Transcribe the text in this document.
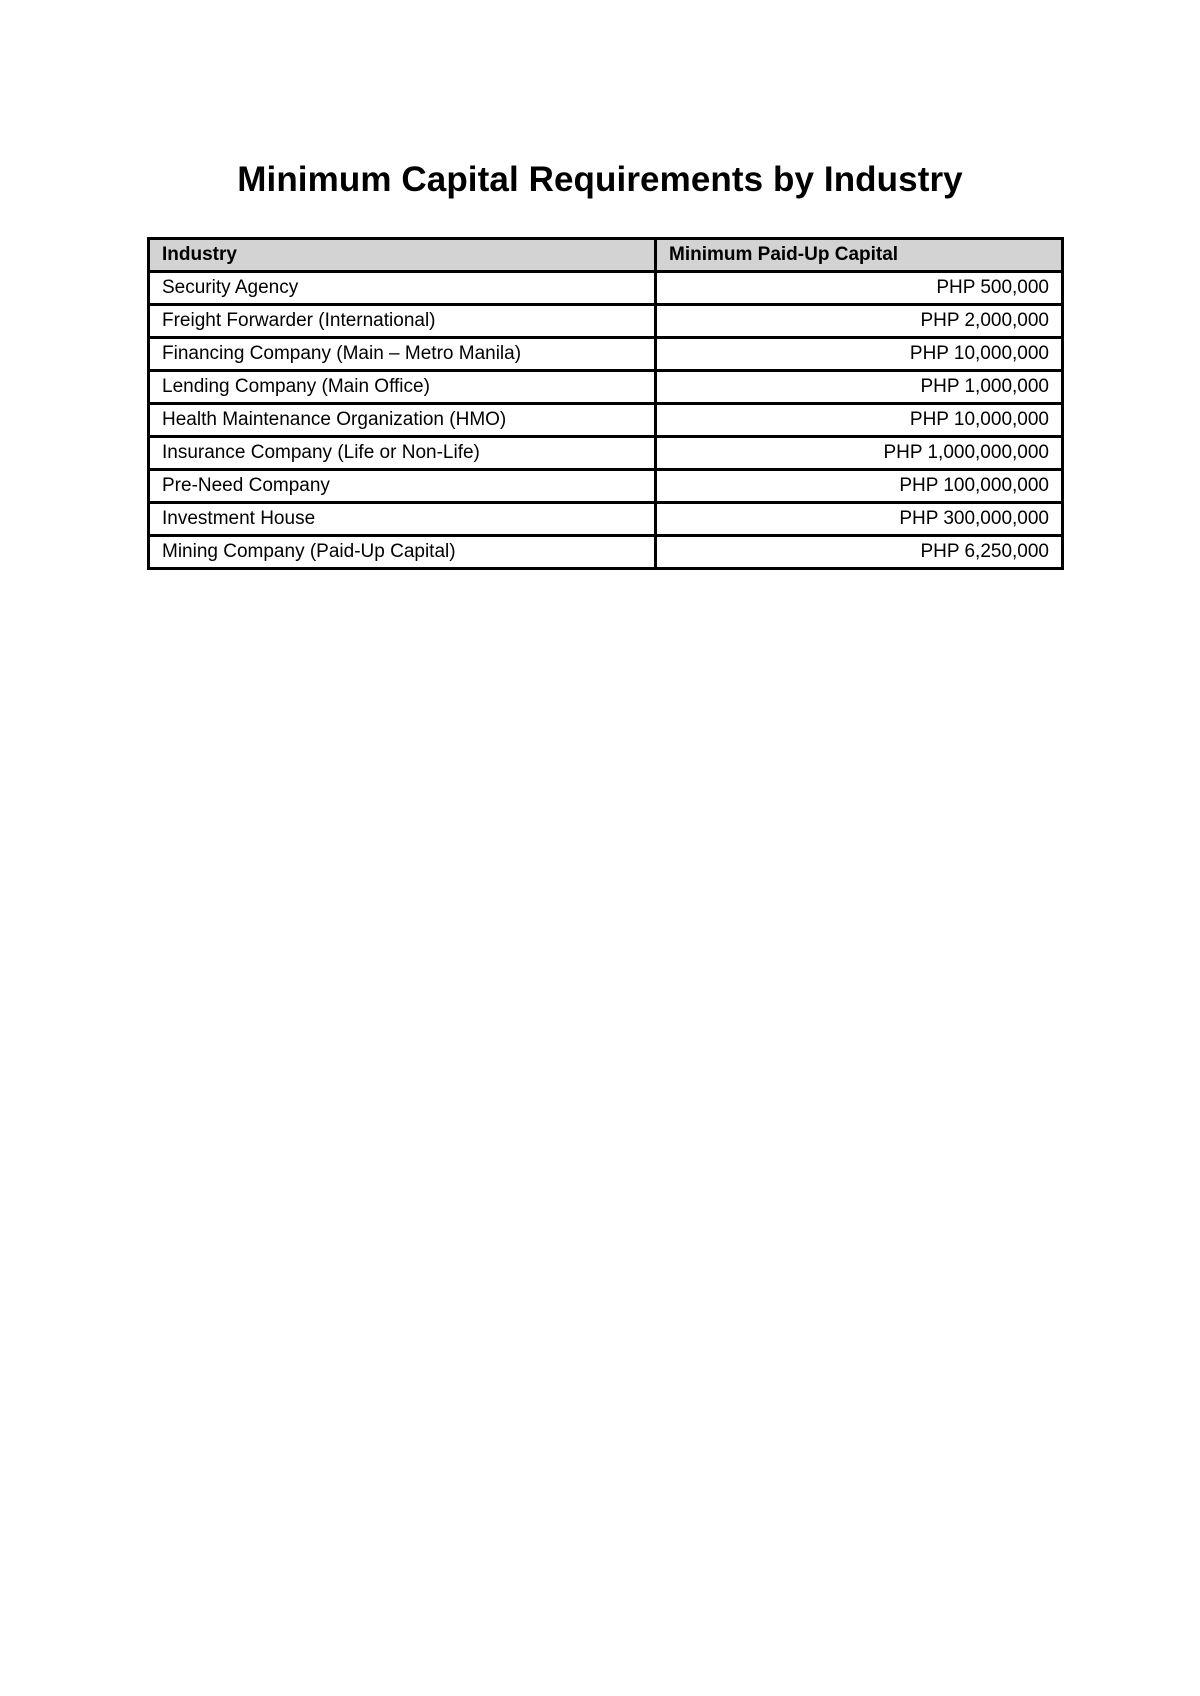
Minimum Capital Requirements by Industry
Industry	Minimum Paid-Up Capital
Security Agency	PHP 500,000
Freight Forwarder (International)	PHP 2,000,000
Financing Company (Main – Metro Manila)	PHP 10,000,000
Lending Company (Main Office)	PHP 1,000,000
Health Maintenance Organization (HMO)	PHP 10,000,000
Insurance Company (Life or Non-Life)	PHP 1,000,000,000
Pre-Need Company	PHP 100,000,000
Investment House	PHP 300,000,000
Mining Company (Paid-Up Capital)	PHP 6,250,000
